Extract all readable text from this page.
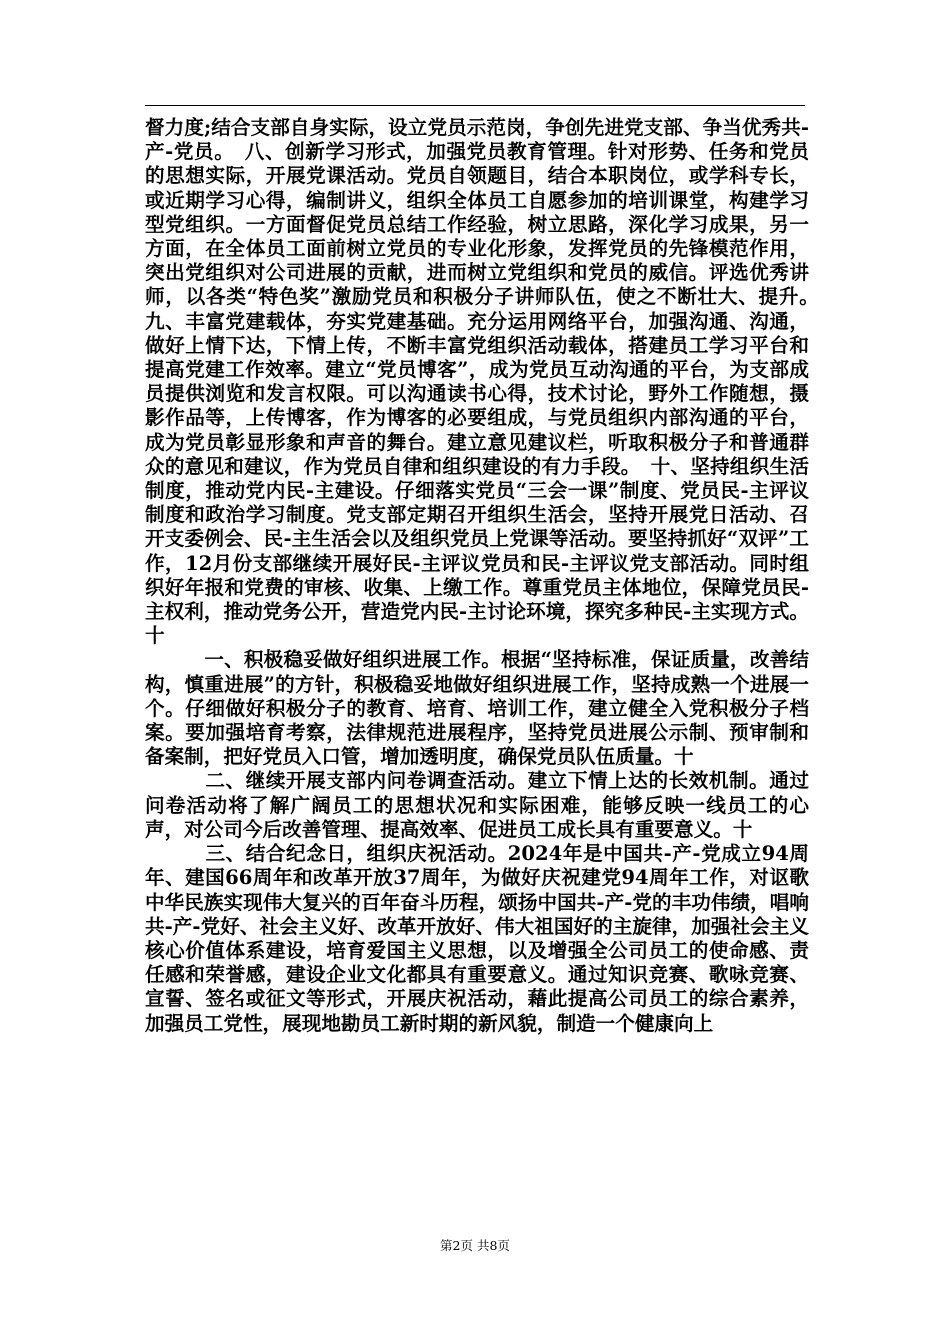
督力度;结合支部自身实际，设立党员示范岗，争创先进党支部、争当优秀共-产-党员。　八、创新学习形式，加强党员教育管理。针对形势、任务和党员的思想实际，开展党课活动。党员自领题目，结合本职岗位，或学科专长，或近期学习心得，编制讲义，组织全体员工自愿参加的培训课堂，构建学习型党组织。一方面督促党员总结工作经验，树立思路，深化学习成果，另一方面，在全体员工面前树立党员的专业化形象，发挥党员的先锋模范作用，突出党组织对公司进展的贡献，进而树立党组织和党员的威信。评选优秀讲师，以各类“特色奖”激励党员和积极分子讲师队伍，使之不断壮大、提升。　九、丰富党建载体，夯实党建基础。充分运用网络平台，加强沟通、沟通，做好上情下达，下情上传，不断丰富党组织活动载体，搭建员工学习平台和提高党建工作效率。建立“党员博客”，成为党员互动沟通的平台，为支部成员提供浏览和发言权限。可以沟通读书心得，技术讨论，野外工作随想，摄影作品等，上传博客，作为博客的必要组成，与党员组织内部沟通的平台，成为党员彰显形象和声音的舞台。建立意见建议栏，听取积极分子和普通群众的意见和建议，作为党员自律和组织建设的有力手段。　十、坚持组织生活制度，推动党内民-主建设。仔细落实党员“三会一课”制度、党员民-主评议制度和政治学习制度。党支部定期召开组织生活会，坚持开展党日活动、召开支委例会、民-主生活会以及组织党员上党课等活动。要坚持抓好“双评”工作，12月份支部继续开展好民-主评议党员和民-主评议党支部活动。同时组织好年报和党费的审核、收集、上缴工作。尊重党员主体地位，保障党员民-主权利，推动党务公开，营造党内民-主讨论环境，探究多种民-主实现方式。十

　　　一、积极稳妥做好组织进展工作。根据“坚持标准，保证质量，改善结构，慎重进展”的方针，积极稳妥地做好组织进展工作，坚持成熟一个进展一个。仔细做好积极分子的教育、培育、培训工作，建立健全入党积极分子档案。要加强培育考察，法律规范进展程序，坚持党员进展公示制、预审制和备案制，把好党员入口管，增加透明度，确保党员队伍质量。十

　　　二、继续开展支部内问卷调查活动。建立下情上达的长效机制。通过问卷活动将了解广阔员工的思想状况和实际困难，能够反映一线员工的心声，对公司今后改善管理、提高效率、促进员工成长具有重要意义。十

　　　三、结合纪念日，组织庆祝活动。2024年是中国共-产-党成立94周年、建国66周年和改革开放37周年，为做好庆祝建党94周年工作，对讴歌中华民族实现伟大复兴的百年奋斗历程，颂扬中国共-产-党的丰功伟绩，唱响共-产-党好、社会主义好、改革开放好、伟大祖国好的主旋律，加强社会主义核心价值体系建设，培育爱国主义思想，以及增强全公司员工的使命感、责任感和荣誉感，建设企业文化都具有重要意义。通过知识竞赛、歌咏竞赛、宣誓、签名或征文等形式，开展庆祝活动，藉此提高公司员工的综合素养，加强员工党性，展现地勘员工新时期的新风貌，制造一个健康向上

第2页 共8页
